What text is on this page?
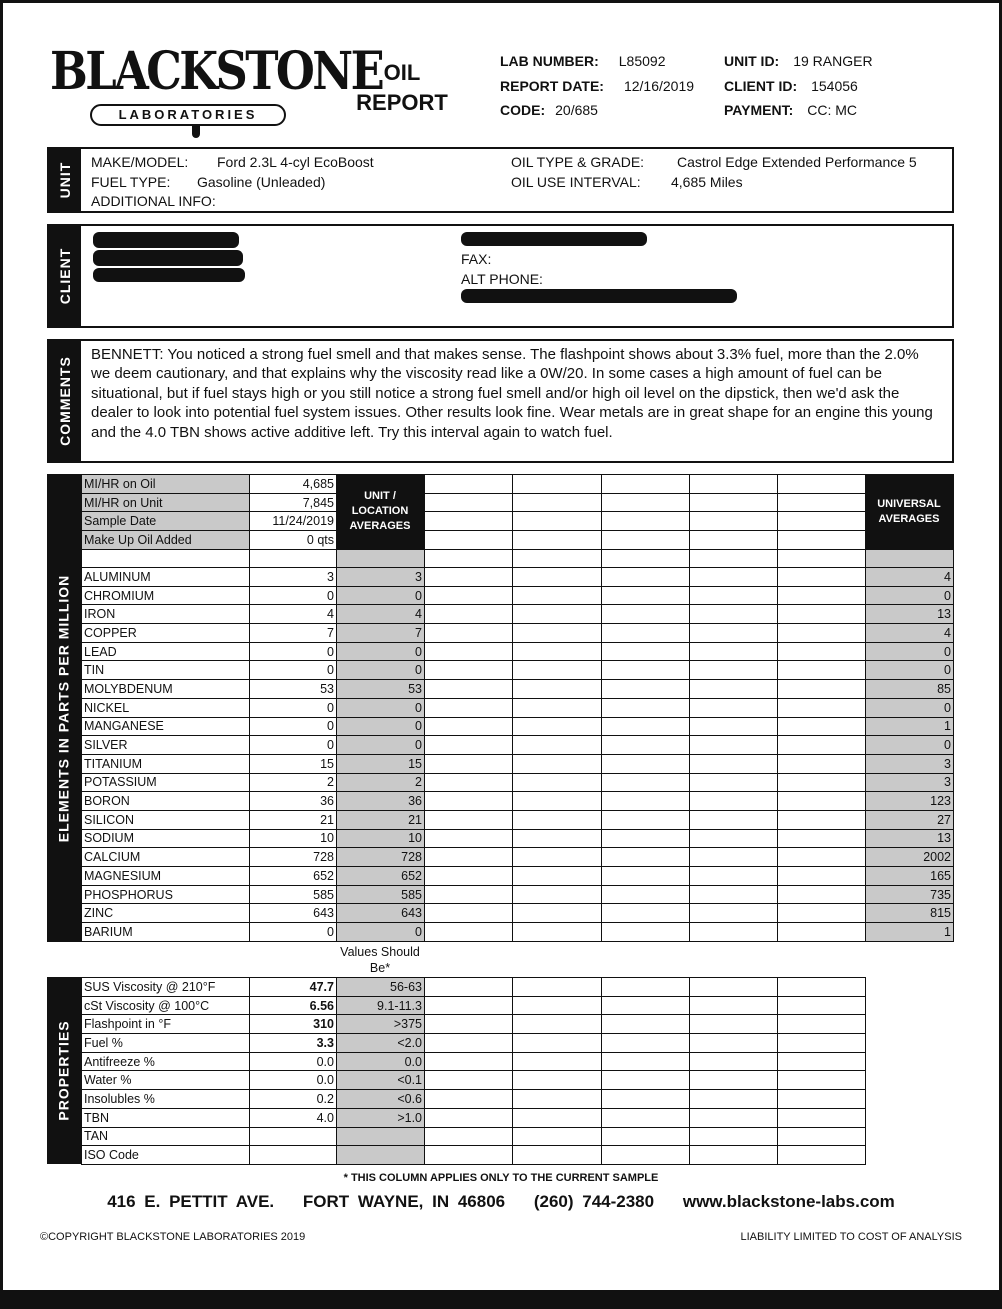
BLACKSTONE
LABORATORIES
OIL
REPORT
LAB NUMBER: L85092
REPORT DATE: 12/16/2019
CODE: 20/685
UNIT ID: 19 RANGER
CLIENT ID: 154056
PAYMENT: CC: MC
UNIT MAKE/MODEL: Ford 2.3L 4-cyl EcoBoost
FUEL TYPE: Gasoline (Unleaded)
ADDITIONAL INFO:
OIL TYPE & GRADE: Castrol Edge Extended Performance 5
OIL USE INTERVAL: 4,685 Miles
CLIENT	FAX:
ALT PHONE:
COMMENTS
BENNETT: You noticed a strong fuel smell and that makes sense. The flashpoint shows about 3.3% fuel, more than the 2.0% we deem cautionary, and that explains why the viscosity read like a 0W/20. In some cases a high amount of fuel can be situational, but if fuel stays high or you still notice a strong fuel smell and/or high oil level on the dipstick, then we'd ask the dealer to look into potential fuel system issues. Other results look fine. Wear metals are in great shape for an engine this young and the 4.0 TBN shows active additive left. Try this interval again to watch fuel.
ELEMENTS IN PARTS PER MILLION
MI/HR on Oil	4,685							
MI/HR on Unit	7,845							
Sample Date	11/24/2019							
Make Up Oil Added	0 qts							

UNIT / LOCATION AVERAGES
UNIVERSAL AVERAGES
ALUMINUM	3	3						4
CHROMIUM	0	0						0
IRON	4	4						13
COPPER	7	7						4
LEAD	0	0						0
TIN	0	0						0
MOLYBDENUM	53	53						85
NICKEL	0	0						0
MANGANESE	0	0						1
SILVER	0	0						0
TITANIUM	15	15						3
POTASSIUM	2	2						3
BORON	36	36						123
SILICON	21	21						27
SODIUM	10	10						13
CALCIUM	728	728						2002
MAGNESIUM	652	652						165
PHOSPHORUS	585	585						735
ZINC	643	643						815
BARIUM	0	0						1
Values Should Be*
PROPERTIES
SUS Viscosity @ 210°F	47.7	56-63					
cSt Viscosity @ 100°C	6.56	9.1-11.3					
Flashpoint in °F	310	>375					
Fuel %	3.3	<2.0					
Antifreeze %	0.0	0.0					
Water %	0.0	<0.1					
Insolubles %	0.2	<0.6					
TBN	4.0	>1.0					
TAN							
ISO Code							
* THIS COLUMN APPLIES ONLY TO THE CURRENT SAMPLE
416 E. PETTIT AVE. FORT WAYNE, IN 46806 (260) 744-2380 www.blackstone-labs.com
©COPYRIGHT BLACKSTONE LABORATORIES 2019	LIABILITY LIMITED TO COST OF ANALYSIS
